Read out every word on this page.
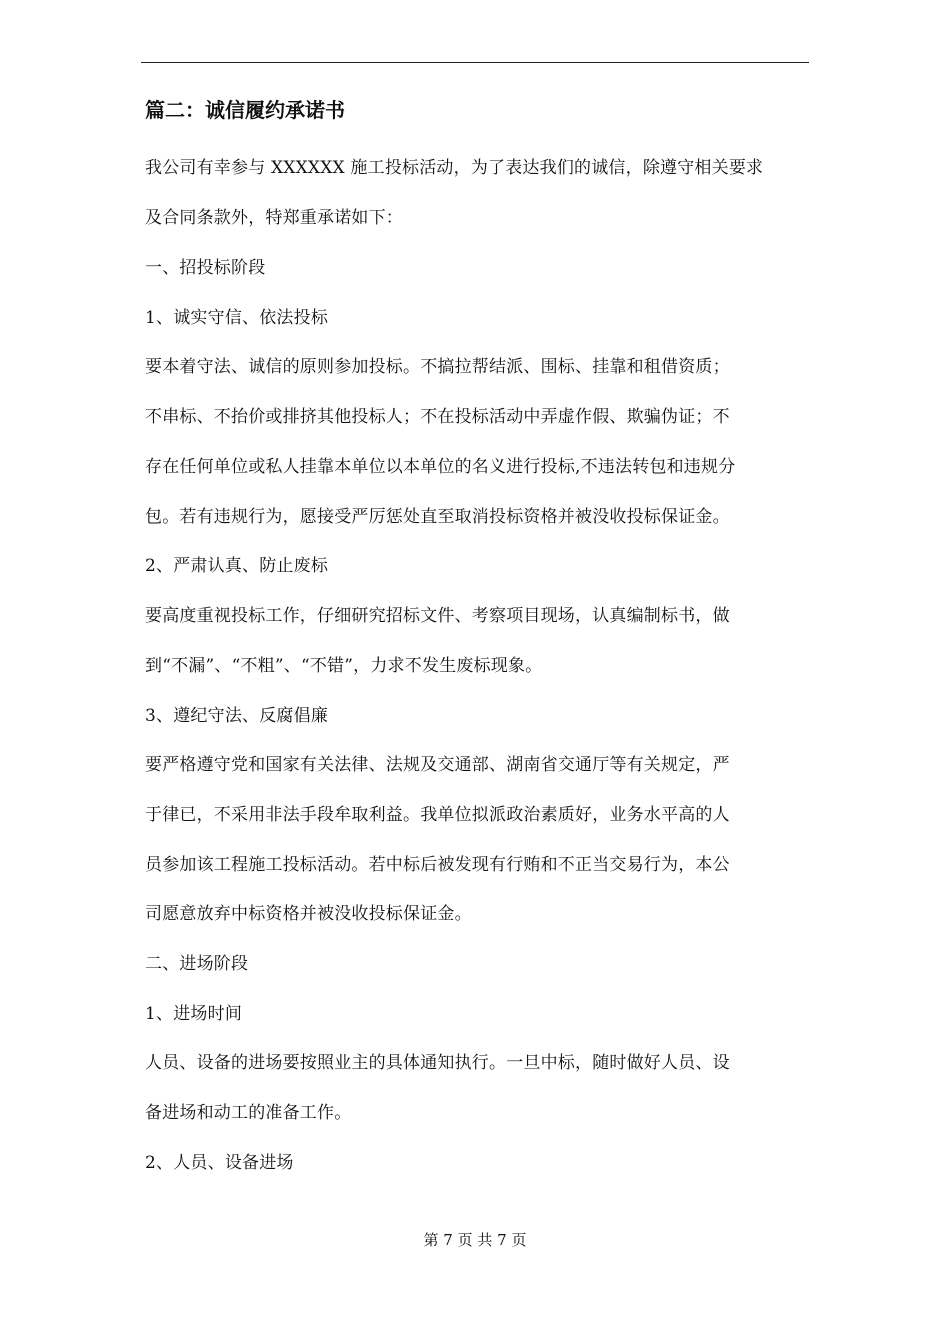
篇二：诚信履约承诺书
我公司有幸参与 XXXXXX 施工投标活动，为了表达我们的诚信，除遵守相关要求
及合同条款外，特郑重承诺如下：
一、招投标阶段
1、诚实守信、依法投标
要本着守法、诚信的原则参加投标。不搞拉帮结派、围标、挂靠和租借资质；
不串标、不抬价或排挤其他投标人；不在投标活动中弄虚作假、欺骗伪证；不
存在任何单位或私人挂靠本单位以本单位的名义进行投标,不违法转包和违规分
包。若有违规行为，愿接受严厉惩处直至取消投标资格并被没收投标保证金。
2、严肃认真、防止废标
要高度重视投标工作，仔细研究招标文件、考察项目现场，认真编制标书，做
到“不漏”、“不粗”、“不错”，力求不发生废标现象。
3、遵纪守法、反腐倡廉
要严格遵守党和国家有关法律、法规及交通部、湖南省交通厅等有关规定，严
于律已，不采用非法手段牟取利益。我单位拟派政治素质好，业务水平高的人
员参加该工程施工投标活动。若中标后被发现有行贿和不正当交易行为，本公
司愿意放弃中标资格并被没收投标保证金。
二、进场阶段
1、进场时间
人员、设备的进场要按照业主的具体通知执行。一旦中标，随时做好人员、设
备进场和动工的准备工作。
2、人员、设备进场
第 7 页 共 7 页
